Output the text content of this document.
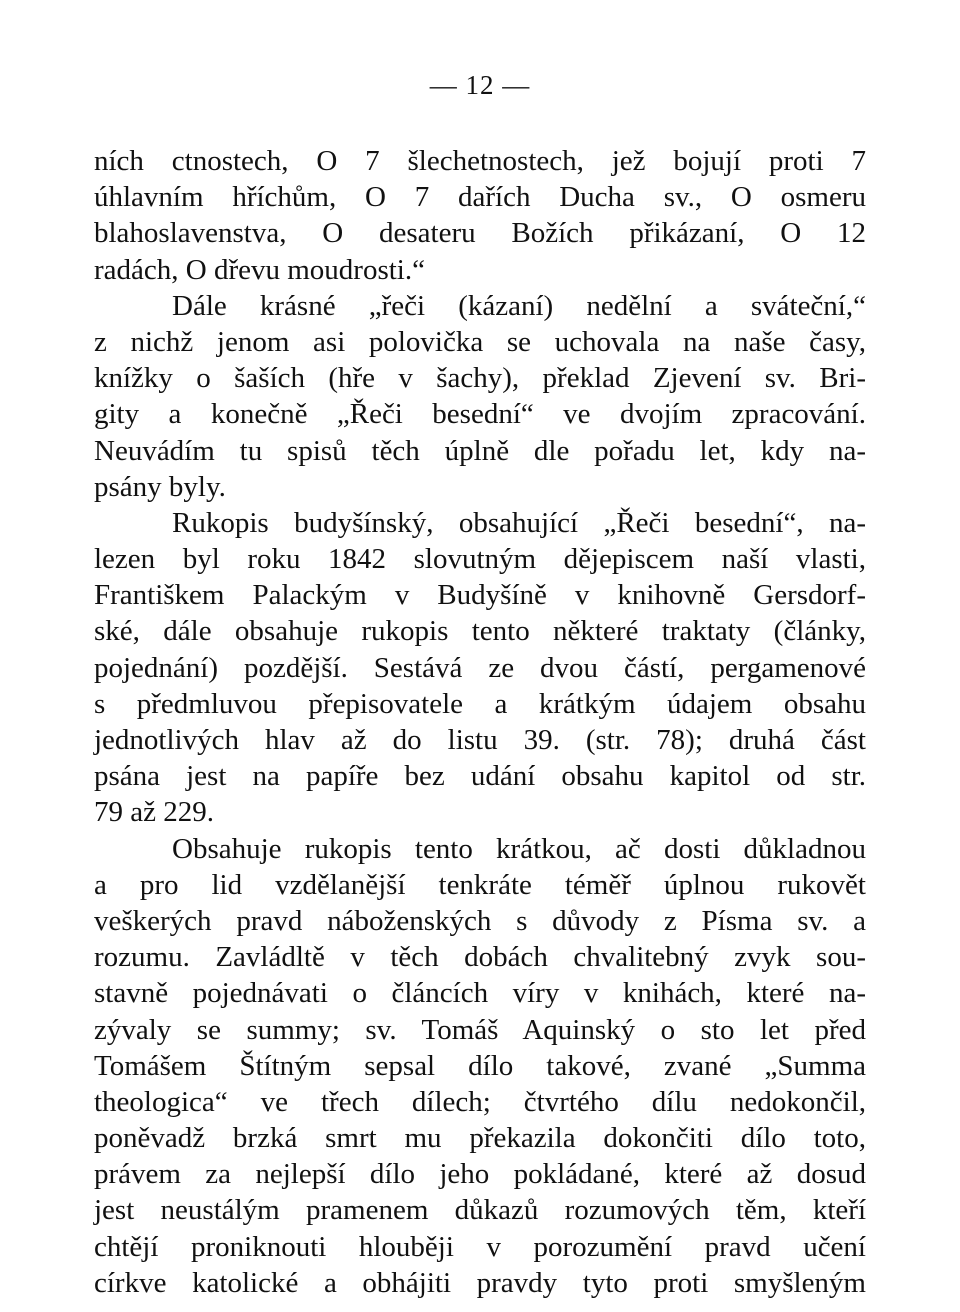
— 12 —
ních ctnostech, O 7 šlechetnostech, jež bojují proti 7
úhlavním hříchům, O 7 dařích Ducha sv., O osmeru
blahoslavenstva, O desateru Božích přikázaní, O 12
radách, O dřevu moudrosti.“
Dále krásné „řeči (kázaní) nedělní a sváteční,“
z nichž jenom asi polovička se uchovala na naše časy,
knížky o šaších (hře v šachy), překlad Zjevení sv. Bri-
gity a konečně „Řeči besední“ ve dvojím zpracování.
Neuvádím tu spisů těch úplně dle pořadu let, kdy na-
psány byly.
Rukopis budyšínský, obsahující „Řeči besední“, na-
lezen byl roku 1842 slovutným dějepiscem naší vlasti,
Františkem Palackým v Budyšíně v knihovně Gersdorf-
ské, dále obsahuje rukopis tento některé traktaty (články,
pojednání) pozdější. Sestává ze dvou částí, pergamenové
s předmluvou přepisovatele a krátkým údajem obsahu
jednotlivých hlav až do listu 39. (str. 78); druhá část
psána jest na papíře bez udání obsahu kapitol od str.
79 až 229.
Obsahuje rukopis tento krátkou, ač dosti důkladnou
a pro lid vzdělanější tenkráte téměř úplnou rukovět
veškerých pravd náboženských s důvody z Písma sv. a
rozumu. Zavládltě v těch dobách chvalitebný zvyk sou-
stavně pojednávati o článcích víry v knihách, které na-
zývaly se summy; sv. Tomáš Aquinský o sto let před
Tomášem Štítným sepsal dílo takové, zvané „Summa
theologica“ ve třech dílech; čtvrtého dílu nedokončil,
poněvadž brzká smrt mu překazila dokončiti dílo toto,
právem za nejlepší dílo jeho pokládané, které až dosud
jest neustálým pramenem důkazů rozumových těm, kteří
chtějí proniknouti hlouběji v porozumění pravd učení
církve katolické a obhájiti pravdy tyto proti smyšleným
